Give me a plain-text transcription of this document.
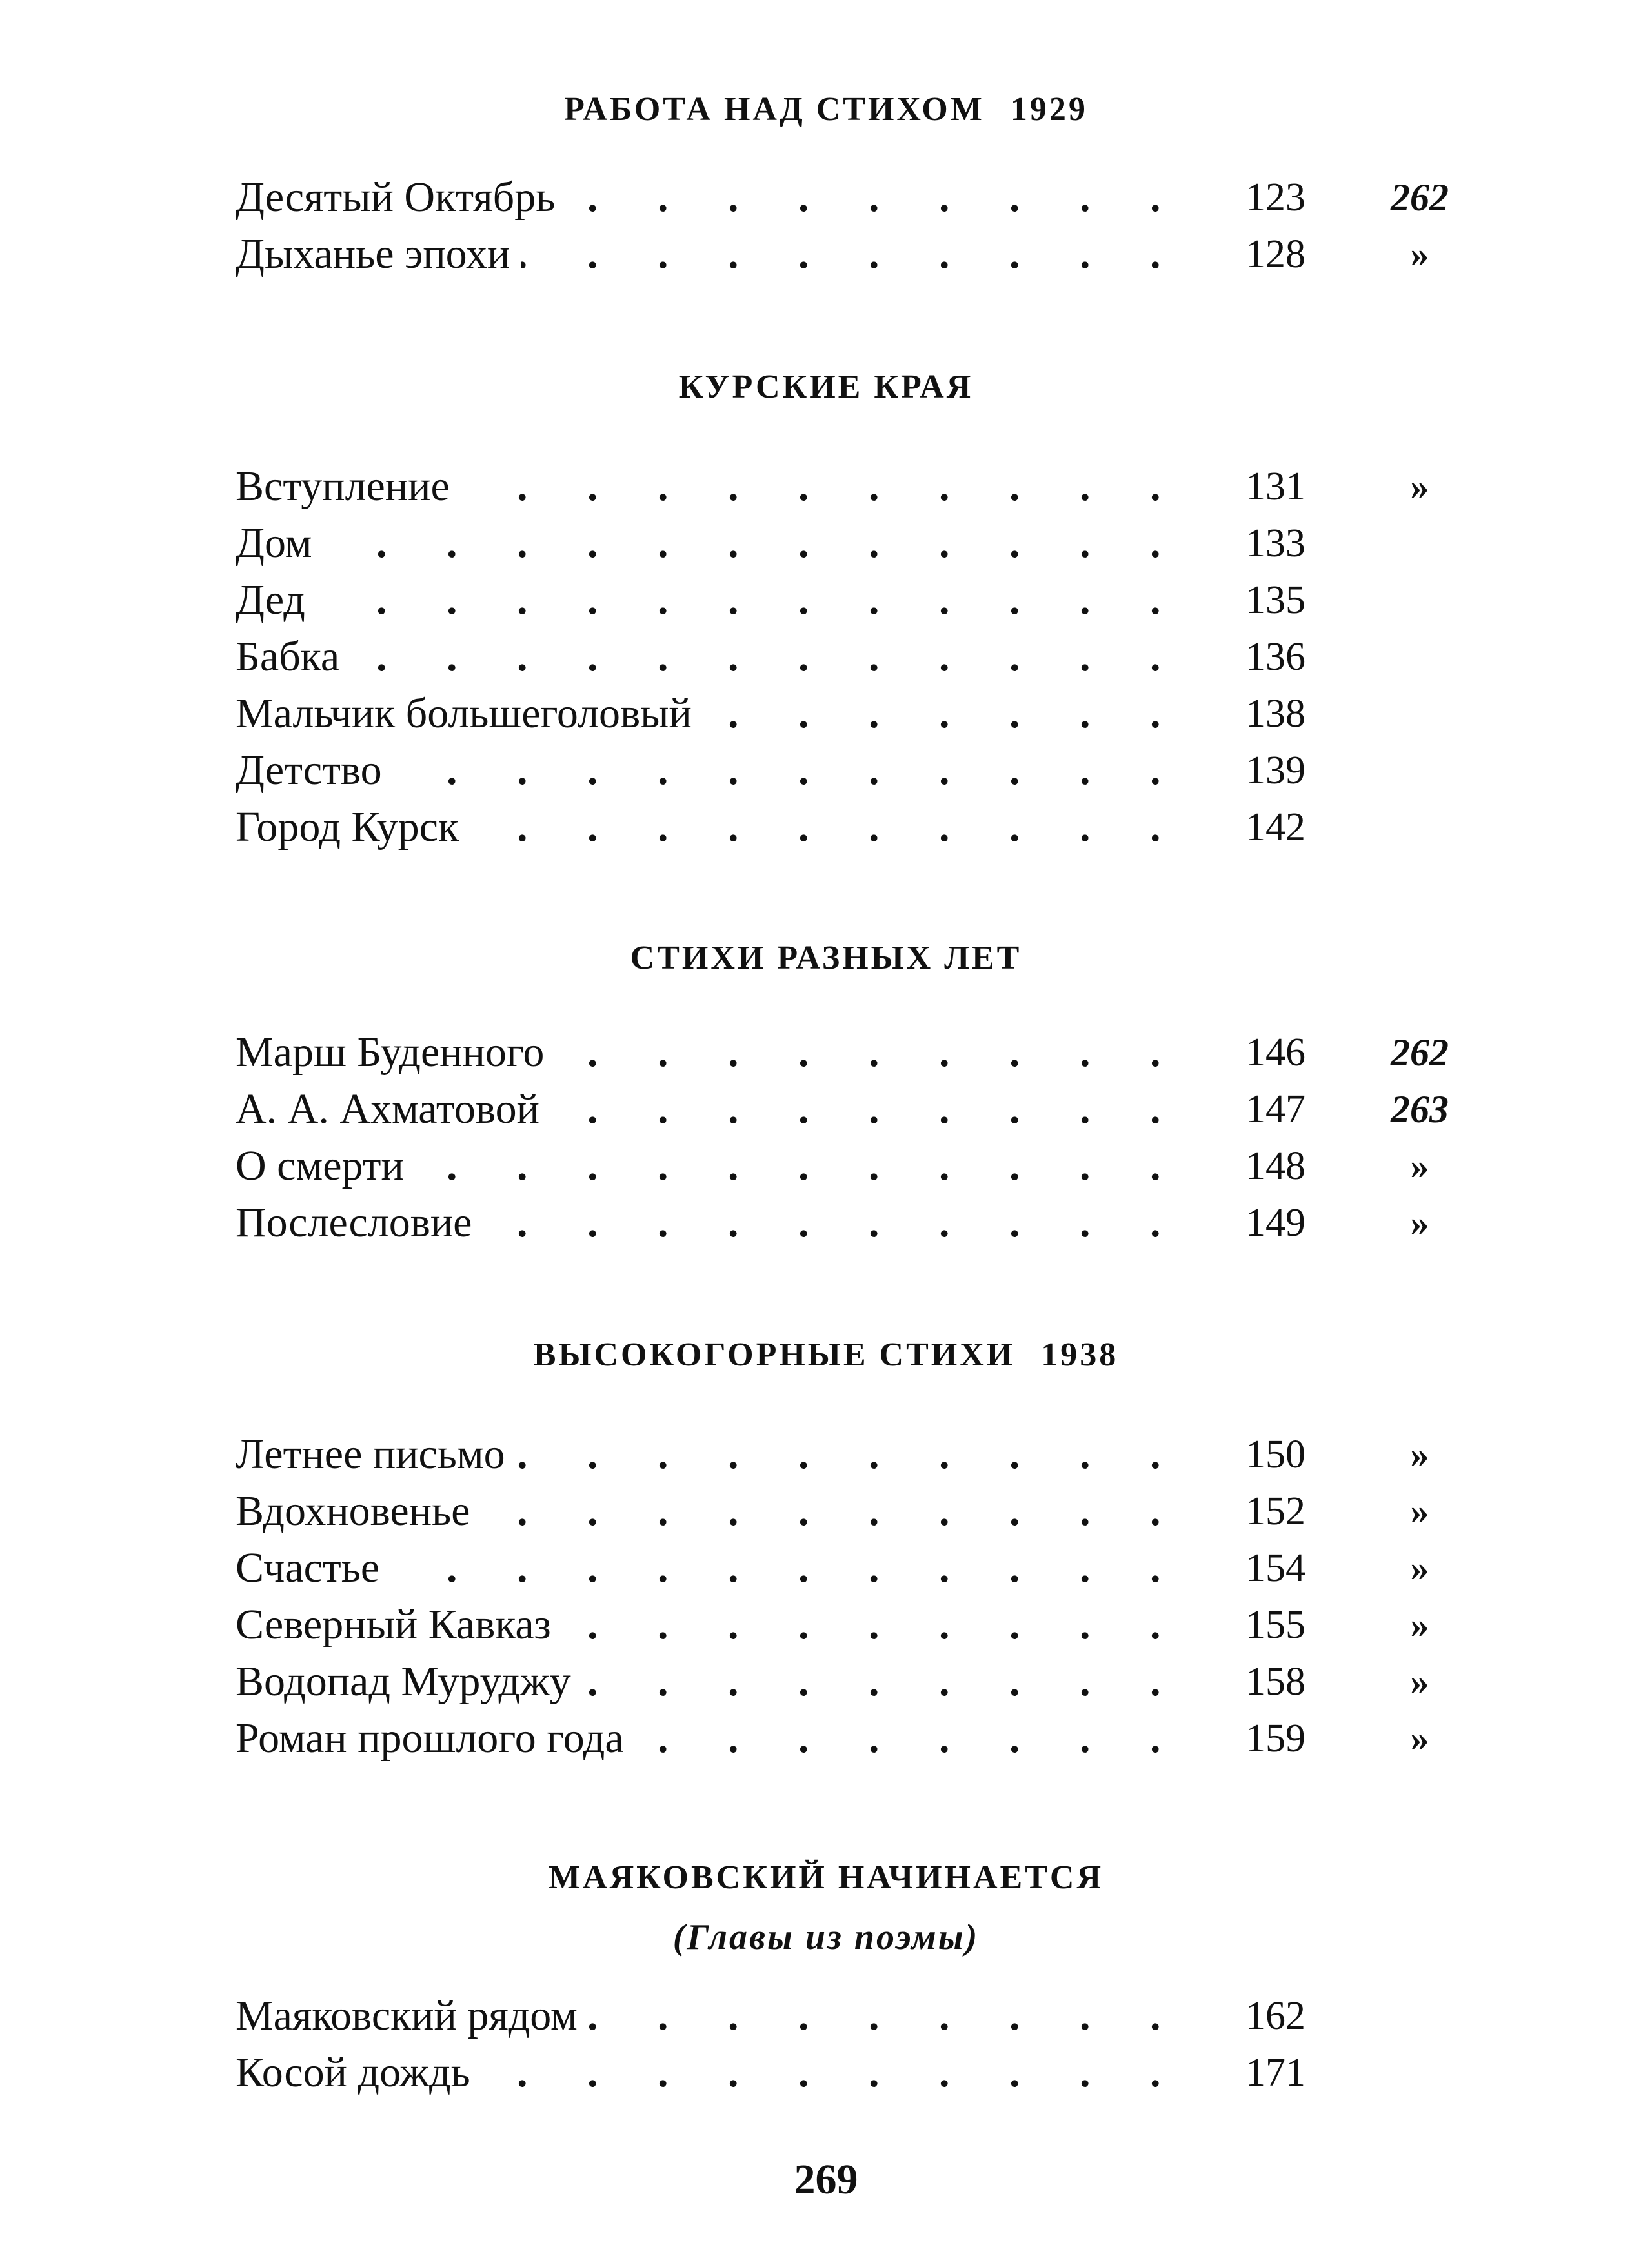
РАБОТА НАД СТИХОМ 1929
Десятый Октябрь . . .	123	262
Дыханье эпохи . . .	128	»
КУРСКИЕ КРАЯ
Вступление . . .	131	»
Дом . . .	133
Дед . . .	135
Бабка . . .	136
Мальчик большеголовый . . .	138
Детство . . .	139
Город Курск . . .	142
СТИХИ РАЗНЫХ ЛЕТ
Марш Буденного . . .	146	262
А. А. Ахматовой . . .	147	263
О смерти . . .	148	»
Послесловие . . .	149	»
ВЫСОКОГОРНЫЕ СТИХИ 1938
Летнее письмо . . .	150	»
Вдохновенье . . .	152	»
Счастье . . .	154	»
Северный Кавказ . . .	155	»
Водопад Муруджу . . .	158	»
Роман прошлого года . . .	159	»
МАЯКОВСКИЙ НАЧИНАЕТСЯ
(Главы из поэмы)
Маяковский рядом . . .	162
Косой дождь . . .	171
269
